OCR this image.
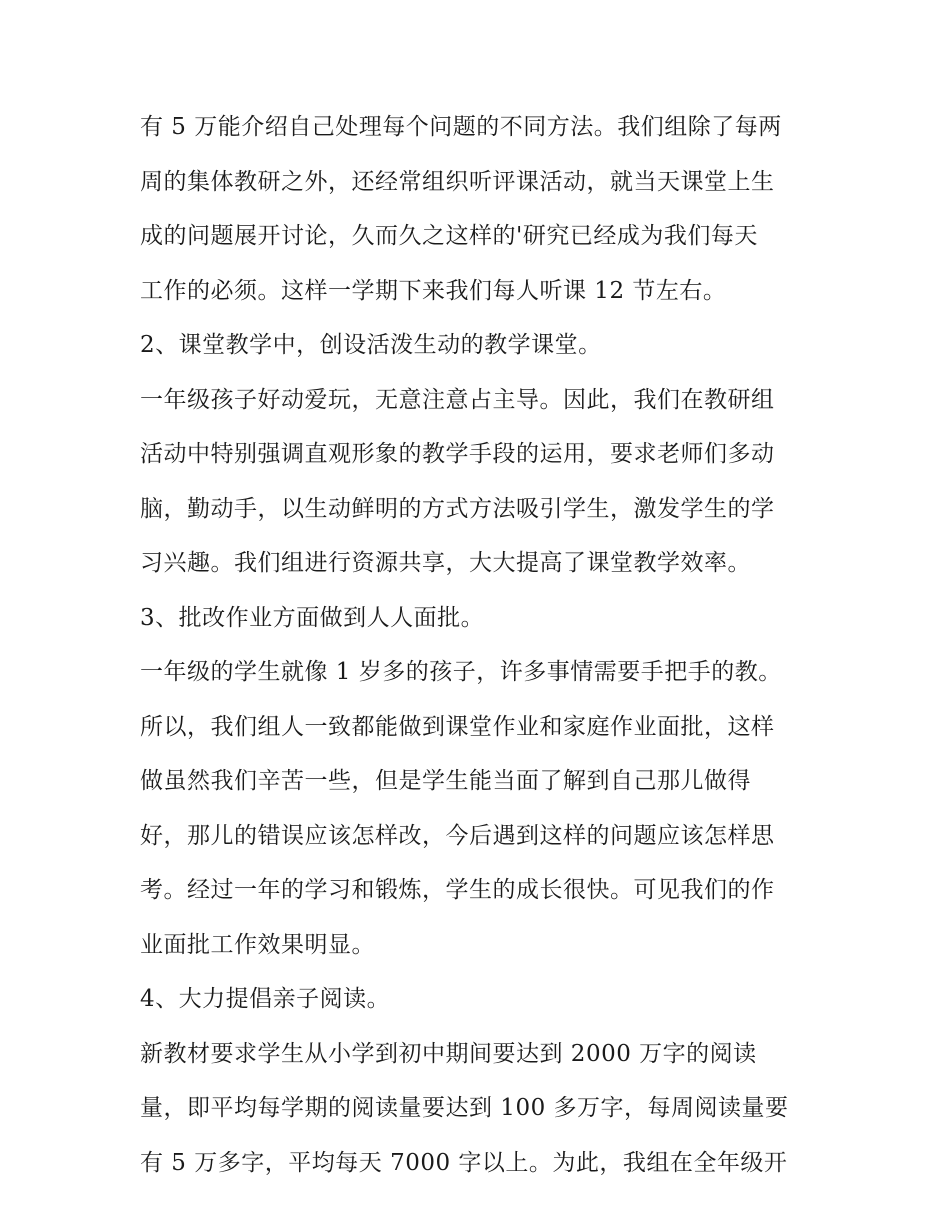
有 5 万能介绍自己处理每个问题的不同方法。我们组除了每两
周的集体教研之外，还经常组织听评课活动，就当天课堂上生
成的问题展开讨论，久而久之这样的'研究已经成为我们每天
工作的必须。这样一学期下来我们每人听课 12 节左右。
2、课堂教学中，创设活泼生动的教学课堂。
一年级孩子好动爱玩，无意注意占主导。因此，我们在教研组
活动中特别强调直观形象的教学手段的运用，要求老师们多动
脑，勤动手，以生动鲜明的方式方法吸引学生，激发学生的学
习兴趣。我们组进行资源共享，大大提高了课堂教学效率。
3、批改作业方面做到人人面批。
一年级的学生就像 1 岁多的孩子，许多事情需要手把手的教。
所以，我们组人一致都能做到课堂作业和家庭作业面批，这样
做虽然我们辛苦一些，但是学生能当面了解到自己那儿做得
好，那儿的错误应该怎样改，今后遇到这样的问题应该怎样思
考。经过一年的学习和锻炼，学生的成长很快。可见我们的作
业面批工作效果明显。
4、大力提倡亲子阅读。
新教材要求学生从小学到初中期间要达到 2000 万字的阅读
量，即平均每学期的阅读量要达到 100 多万字，每周阅读量要
有 5 万多字，平均每天 7000 字以上。为此，我组在全年级开
